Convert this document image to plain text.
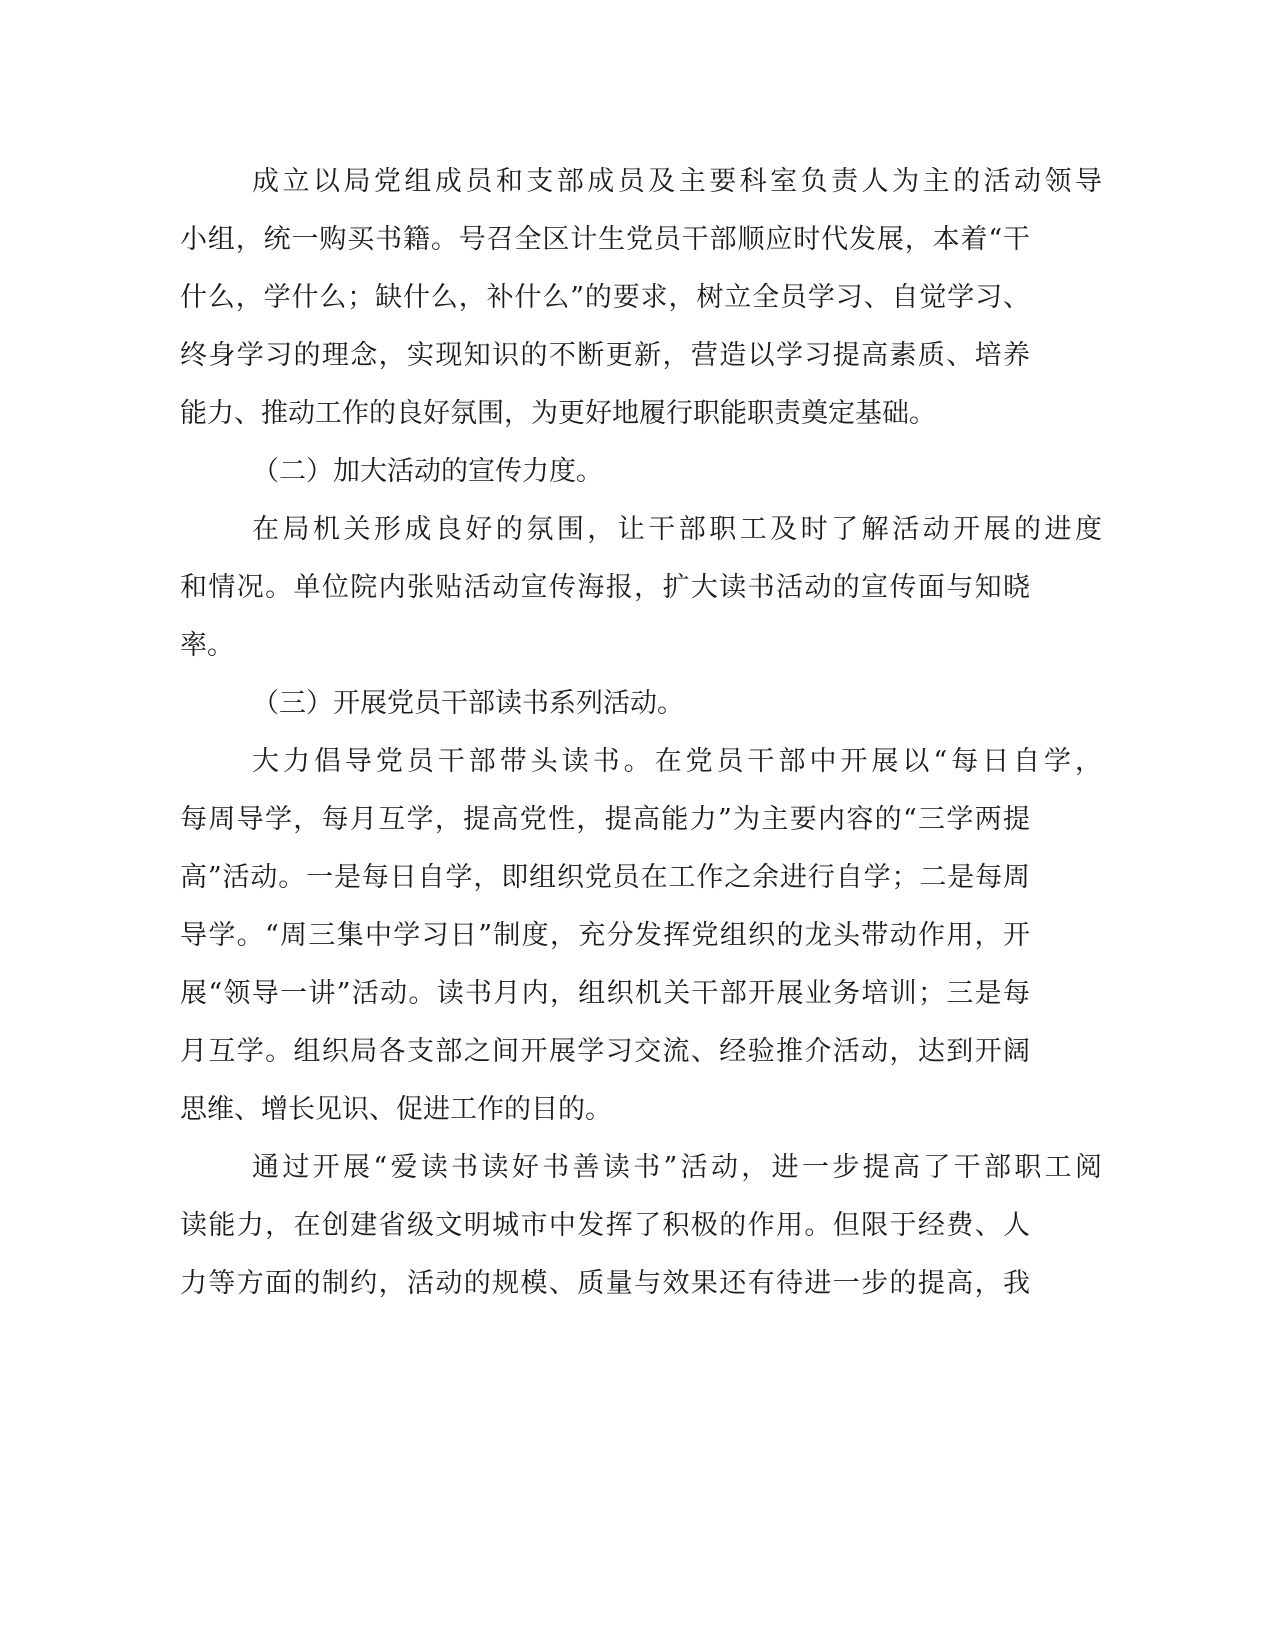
成立以局党组成员和支部成员及主要科室负责人为主的活动领导
小组，统一购买书籍。号召全区计生党员干部顺应时代发展，本着“干
什么，学什么；缺什么，补什么”的要求，树立全员学习、自觉学习、
终身学习的理念，实现知识的不断更新，营造以学习提高素质、培养
能力、推动工作的良好氛围，为更好地履行职能职责奠定基础。
（二）加大活动的宣传力度。
在局机关形成良好的氛围，让干部职工及时了解活动开展的进度
和情况。单位院内张贴活动宣传海报，扩大读书活动的宣传面与知晓
率。
（三）开展党员干部读书系列活动。
大力倡导党员干部带头读书。在党员干部中开展以“每日自学，
每周导学，每月互学，提高党性，提高能力”为主要内容的“三学两提
高”活动。一是每日自学，即组织党员在工作之余进行自学；二是每周
导学。“周三集中学习日”制度，充分发挥党组织的龙头带动作用，开
展“领导一讲”活动。读书月内，组织机关干部开展业务培训；三是每
月互学。组织局各支部之间开展学习交流、经验推介活动，达到开阔
思维、增长见识、促进工作的目的。
通过开展“爱读书读好书善读书”活动，进一步提高了干部职工阅
读能力，在创建省级文明城市中发挥了积极的作用。但限于经费、人
力等方面的制约，活动的规模、质量与效果还有待进一步的提高，我
